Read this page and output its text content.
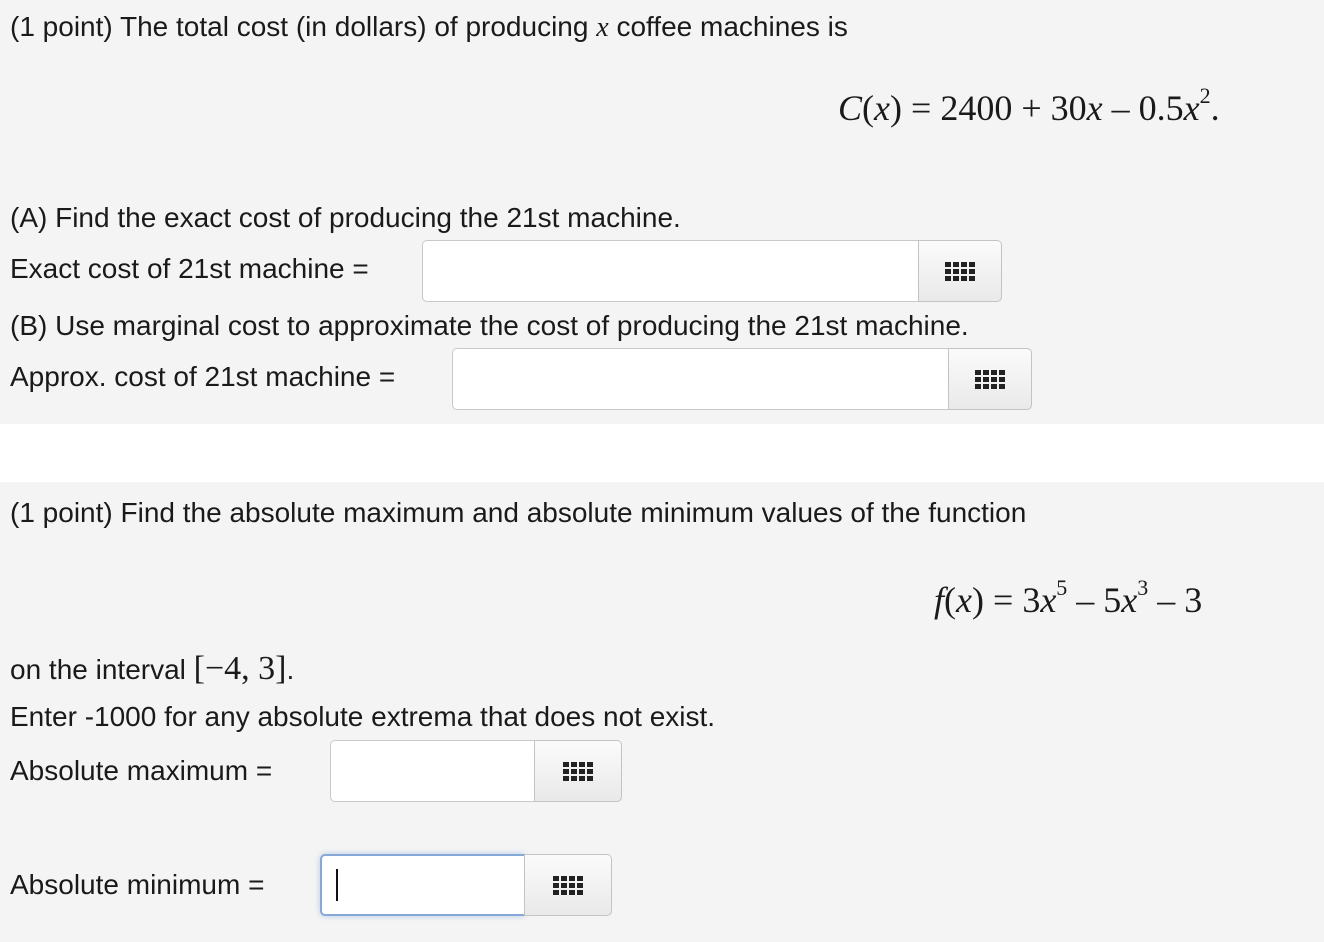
(1 point) The total cost (in dollars) of producing x coffee machines is
$C(x) = 2400 + 30x - 0.5x^2$.
(A) Find the exact cost of producing the 21st machine.
Exact cost of 21st machine =
(B) Use marginal cost to approximate the cost of producing the 21st machine.
Approx. cost of 21st machine =
(1 point) Find the absolute maximum and absolute minimum values of the function
$f(x) = 3x^5 - 5x^3 - 3$
on the interval [−4, 3].
Enter -1000 for any absolute extrema that does not exist.
Absolute maximum =
Absolute minimum =
